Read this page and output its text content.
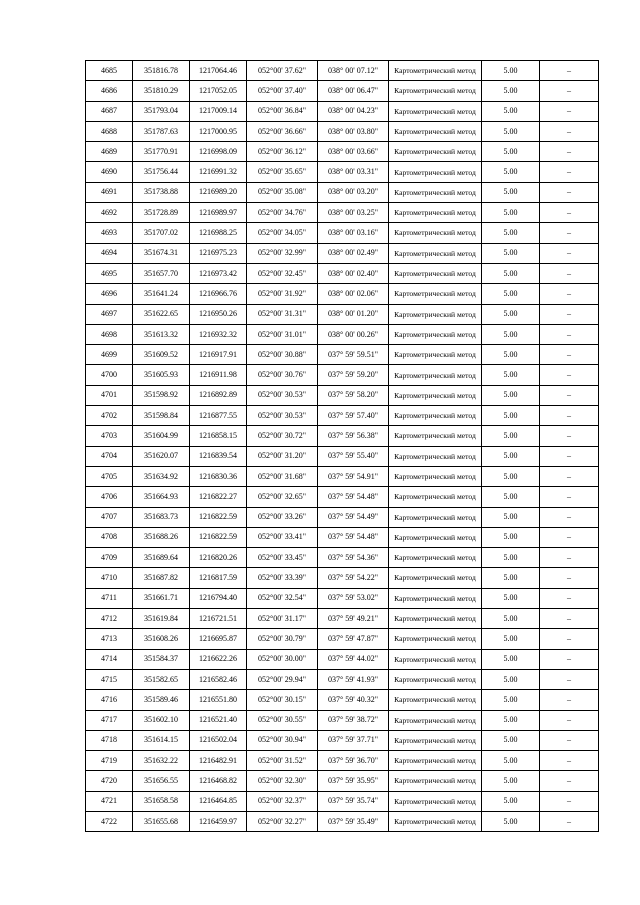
4685	351816.78	1217064.46	052°00' 37.62"	038° 00' 07.12"	Картометрический метод	5.00	–
4686	351810.29	1217052.05	052°00' 37.40"	038° 00' 06.47"	Картометрический метод	5.00	–
4687	351793.04	1217009.14	052°00' 36.84"	038° 00' 04.23"	Картометрический метод	5.00	–
4688	351787.63	1217000.95	052°00' 36.66"	038° 00' 03.80"	Картометрический метод	5.00	–
4689	351770.91	1216998.09	052°00' 36.12"	038° 00' 03.66"	Картометрический метод	5.00	–
4690	351756.44	1216991.32	052°00' 35.65"	038° 00' 03.31"	Картометрический метод	5.00	–
4691	351738.88	1216989.20	052°00' 35.08"	038° 00' 03.20"	Картометрический метод	5.00	–
4692	351728.89	1216989.97	052°00' 34.76"	038° 00' 03.25"	Картометрический метод	5.00	–
4693	351707.02	1216988.25	052°00' 34.05"	038° 00' 03.16"	Картометрический метод	5.00	–
4694	351674.31	1216975.23	052°00' 32.99"	038° 00' 02.49"	Картометрический метод	5.00	–
4695	351657.70	1216973.42	052°00' 32.45"	038° 00' 02.40"	Картометрический метод	5.00	–
4696	351641.24	1216966.76	052°00' 31.92"	038° 00' 02.06"	Картометрический метод	5.00	–
4697	351622.65	1216950.26	052°00' 31.31"	038° 00' 01.20"	Картометрический метод	5.00	–
4698	351613.32	1216932.32	052°00' 31.01"	038° 00' 00.26"	Картометрический метод	5.00	–
4699	351609.52	1216917.91	052°00' 30.88"	037° 59' 59.51"	Картометрический метод	5.00	–
4700	351605.93	1216911.98	052°00' 30.76"	037° 59' 59.20"	Картометрический метод	5.00	–
4701	351598.92	1216892.89	052°00' 30.53"	037° 59' 58.20"	Картометрический метод	5.00	–
4702	351598.84	1216877.55	052°00' 30.53"	037° 59' 57.40"	Картометрический метод	5.00	–
4703	351604.99	1216858.15	052°00' 30.72"	037° 59' 56.38"	Картометрический метод	5.00	–
4704	351620.07	1216839.54	052°00' 31.20"	037° 59' 55.40"	Картометрический метод	5.00	–
4705	351634.92	1216830.36	052°00' 31.68"	037° 59' 54.91"	Картометрический метод	5.00	–
4706	351664.93	1216822.27	052°00' 32.65"	037° 59' 54.48"	Картометрический метод	5.00	–
4707	351683.73	1216822.59	052°00' 33.26"	037° 59' 54.49"	Картометрический метод	5.00	–
4708	351688.26	1216822.59	052°00' 33.41"	037° 59' 54.48"	Картометрический метод	5.00	–
4709	351689.64	1216820.26	052°00' 33.45"	037° 59' 54.36"	Картометрический метод	5.00	–
4710	351687.82	1216817.59	052°00' 33.39"	037° 59' 54.22"	Картометрический метод	5.00	–
4711	351661.71	1216794.40	052°00' 32.54"	037° 59' 53.02"	Картометрический метод	5.00	–
4712	351619.84	1216721.51	052°00' 31.17"	037° 59' 49.21"	Картометрический метод	5.00	–
4713	351608.26	1216695.87	052°00' 30.79"	037° 59' 47.87"	Картометрический метод	5.00	–
4714	351584.37	1216622.26	052°00' 30.00"	037° 59' 44.02"	Картометрический метод	5.00	–
4715	351582.65	1216582.46	052°00' 29.94"	037° 59' 41.93"	Картометрический метод	5.00	–
4716	351589.46	1216551.80	052°00' 30.15"	037° 59' 40.32"	Картометрический метод	5.00	–
4717	351602.10	1216521.40	052°00' 30.55"	037° 59' 38.72"	Картометрический метод	5.00	–
4718	351614.15	1216502.04	052°00' 30.94"	037° 59' 37.71"	Картометрический метод	5.00	–
4719	351632.22	1216482.91	052°00' 31.52"	037° 59' 36.70"	Картометрический метод	5.00	–
4720	351656.55	1216468.82	052°00' 32.30"	037° 59' 35.95"	Картометрический метод	5.00	–
4721	351658.58	1216464.85	052°00' 32.37"	037° 59' 35.74"	Картометрический метод	5.00	–
4722	351655.68	1216459.97	052°00' 32.27"	037° 59' 35.49"	Картометрический метод	5.00	–
